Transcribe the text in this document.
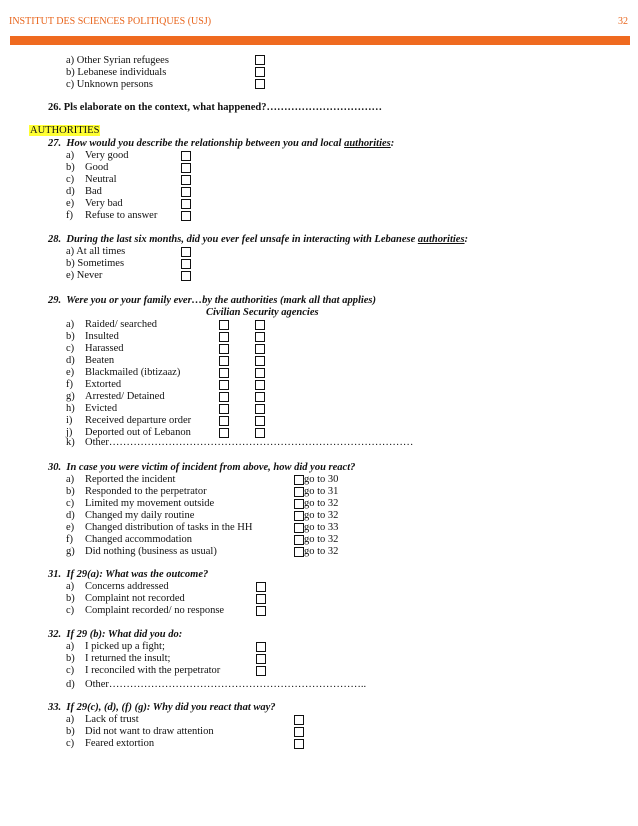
INSTITUT DES SCIENCES POLITIQUES (USJ)	32
a) Other Syrian refugees
b) Lebanese individuals
c) Unknown persons
26. Pls elaborate on the context, what happened?……………………………
AUTHORITIES
27. How would you describe the relationship between you and local authorities:
a) Very good
b) Good
c) Neutral
d) Bad
e) Very bad
f) Refuse to answer
28. During the last six months, did you ever feel unsafe in interacting with Lebanese authorities:
a) At all times
b) Sometimes
e) Never
29. Were you or your family ever…by the authorities (mark all that applies)
Civilian Security agencies
a) Raided/ searched
b) Insulted
c) Harassed
d) Beaten
e) Blackmailed (ibtizaaz)
f) Extorted
g) Arrested/ Detained
h) Evicted
i) Received departure order
j) Deported out of Lebanon
k) Other……………………………………………………………………………
30. In case you were victim of incident from above, how did you react?
a) Reported the incident	go to 30
b) Responded to the perpetrator	go to 31
c) Limited my movement outside	go to 32
d) Changed my daily routine	go to 32
e) Changed distribution of tasks in the HH	go to 33
f) Changed accommodation	go to 32
g) Did nothing (business as usual)	go to 32
31. If 29(a): What was the outcome?
a) Concerns addressed
b) Complaint not recorded
c) Complaint recorded/ no response
32. If 29 (b): What did you do:
a) I picked up a fight;
b) I returned the insult;
c) I reconciled with the perpetrator
d) Other………………………………………………………………..
33. If 29(c), (d), (f) (g): Why did you react that way?
a) Lack of trust
b) Did not want to draw attention
c) Feared extortion
